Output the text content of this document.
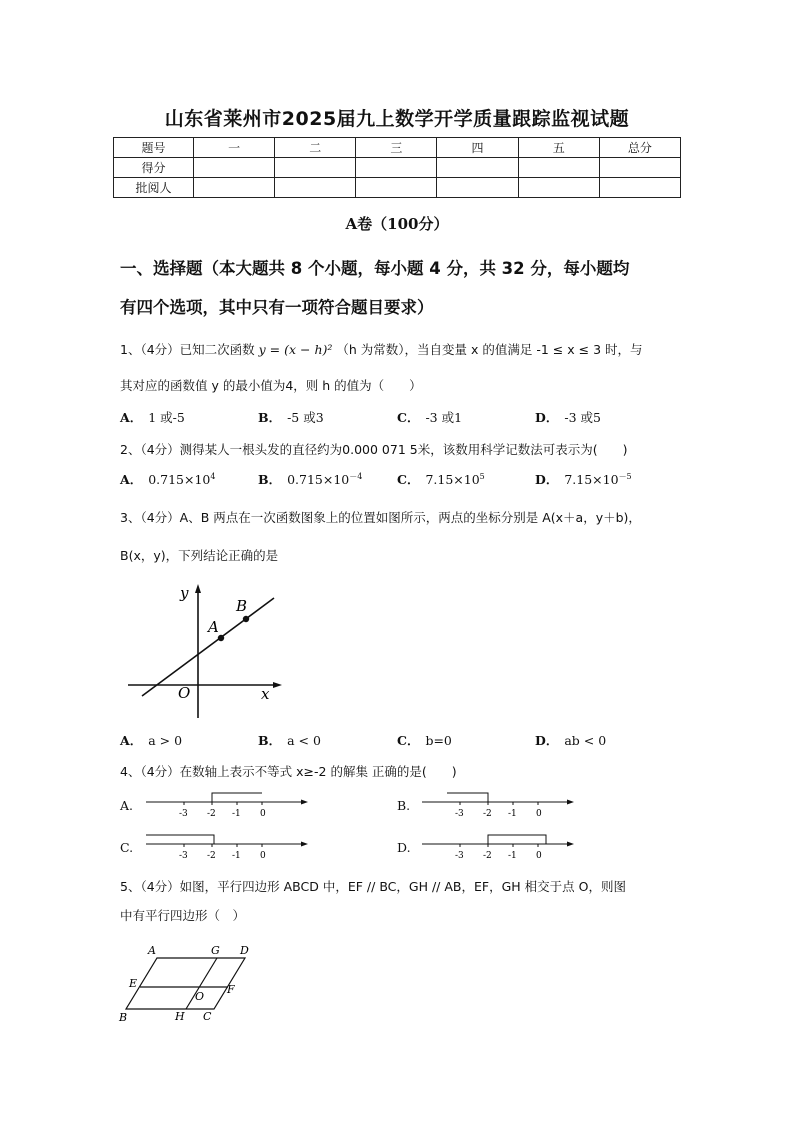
山东省莱州市2025届九上数学开学质量跟踪监视试题
题号	一	二	三	四	五	总分
得分						
批阅人						
A卷（100分）
一、选择题（本大题共 8 个小题，每小题 4 分，共 32 分，每小题均
有四个选项，其中只有一项符合题目要求）
1、（4分）已知二次函数 y = (x − h)² （h 为常数），当自变量 x 的值满足 -1 ≤ x ≤ 3 时，与
其对应的函数值 y 的最小值为4，则 h 的值为（　　）
A． 1 或-5	B． -5 或3	C． -3 或1	D． -3 或5
2、（4分）测得某人一根头发的直径约为0.000 071 5米，该数用科学记数法可表示为(　　)
A． $0.715\times 10^4$	B． $0.715\times 10^{-4}$	C． $7.15\times 10^5$	D． $7.15\times 10^{-5}$
3、（4分）A、B 两点在一次函数图象上的位置如图所示，两点的坐标分别是 A(x＋a，y＋b)，
B(x，y)，下列结论正确的是
y
x
O
A
B
A． a > 0	B． a < 0	C． b=0	D． ab < 0
4、（4分）在数轴上表示不等式 x≥-2 的解集 正确的是(　　)
A.
-3 -2 -1 0
B.
-3 -2 -1 0
C.
-3 -2 -1 0
D.
-3 -2 -1 0
5、（4分）如图，平行四边形 ABCD 中，EF // BC，GH // AB，EF，GH 相交于点 O，则图
中有平行四边形（　）
A	G D
E	F
O
B	H C
